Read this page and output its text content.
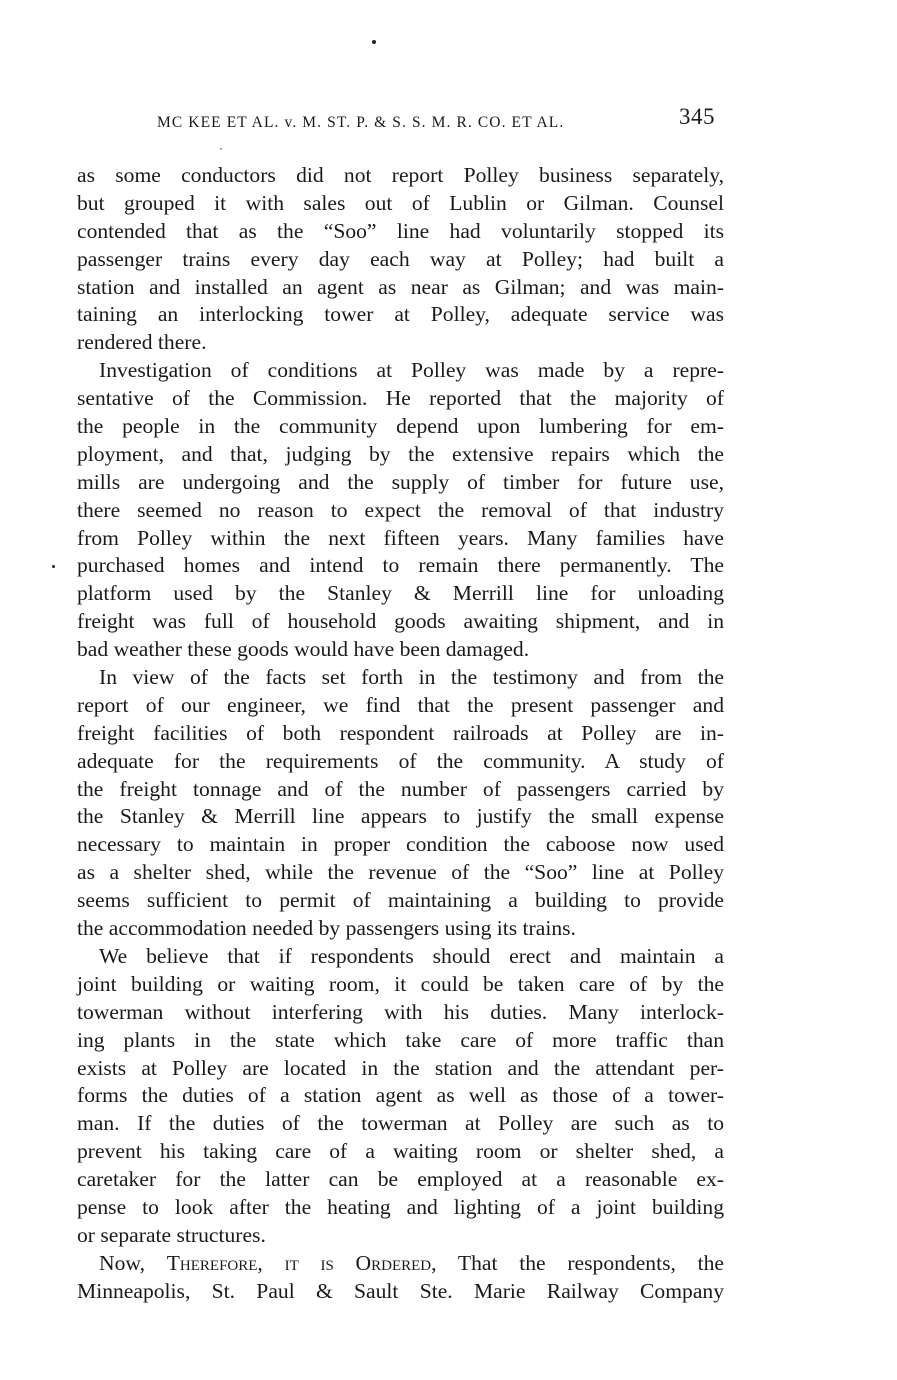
MC KEE ET AL. v. M. ST. P. & S. S. M. R. CO. ET AL.	345
as some conductors did not report Polley business separately,
but grouped it with sales out of Lublin or Gilman. Counsel
contended that as the “Soo” line had voluntarily stopped its
passenger trains every day each way at Polley; had built a
station and installed an agent as near as Gilman; and was main-
taining an interlocking tower at Polley, adequate service was
rendered there.
Investigation of conditions at Polley was made by a repre-
sentative of the Commission. He reported that the majority of
the people in the community depend upon lumbering for em-
ployment, and that, judging by the extensive repairs which the
mills are undergoing and the supply of timber for future use,
there seemed no reason to expect the removal of that industry
from Polley within the next fifteen years. Many families have
purchased homes and intend to remain there permanently. The
platform used by the Stanley & Merrill line for unloading
freight was full of household goods awaiting shipment, and in
bad weather these goods would have been damaged.
In view of the facts set forth in the testimony and from the
report of our engineer, we find that the present passenger and
freight facilities of both respondent railroads at Polley are in-
adequate for the requirements of the community. A study of
the freight tonnage and of the number of passengers carried by
the Stanley & Merrill line appears to justify the small expense
necessary to maintain in proper condition the caboose now used
as a shelter shed, while the revenue of the “Soo” line at Polley
seems sufficient to permit of maintaining a building to provide
the accommodation needed by passengers using its trains.
We believe that if respondents should erect and maintain a
joint building or waiting room, it could be taken care of by the
towerman without interfering with his duties. Many interlock-
ing plants in the state which take care of more traffic than
exists at Polley are located in the station and the attendant per-
forms the duties of a station agent as well as those of a tower-
man. If the duties of the towerman at Polley are such as to
prevent his taking care of a waiting room or shelter shed, a
caretaker for the latter can be employed at a reasonable ex-
pense to look after the heating and lighting of a joint building
or separate structures.
Now, Therefore, it is Ordered, That the respondents, the
Minneapolis, St. Paul & Sault Ste. Marie Railway Company
